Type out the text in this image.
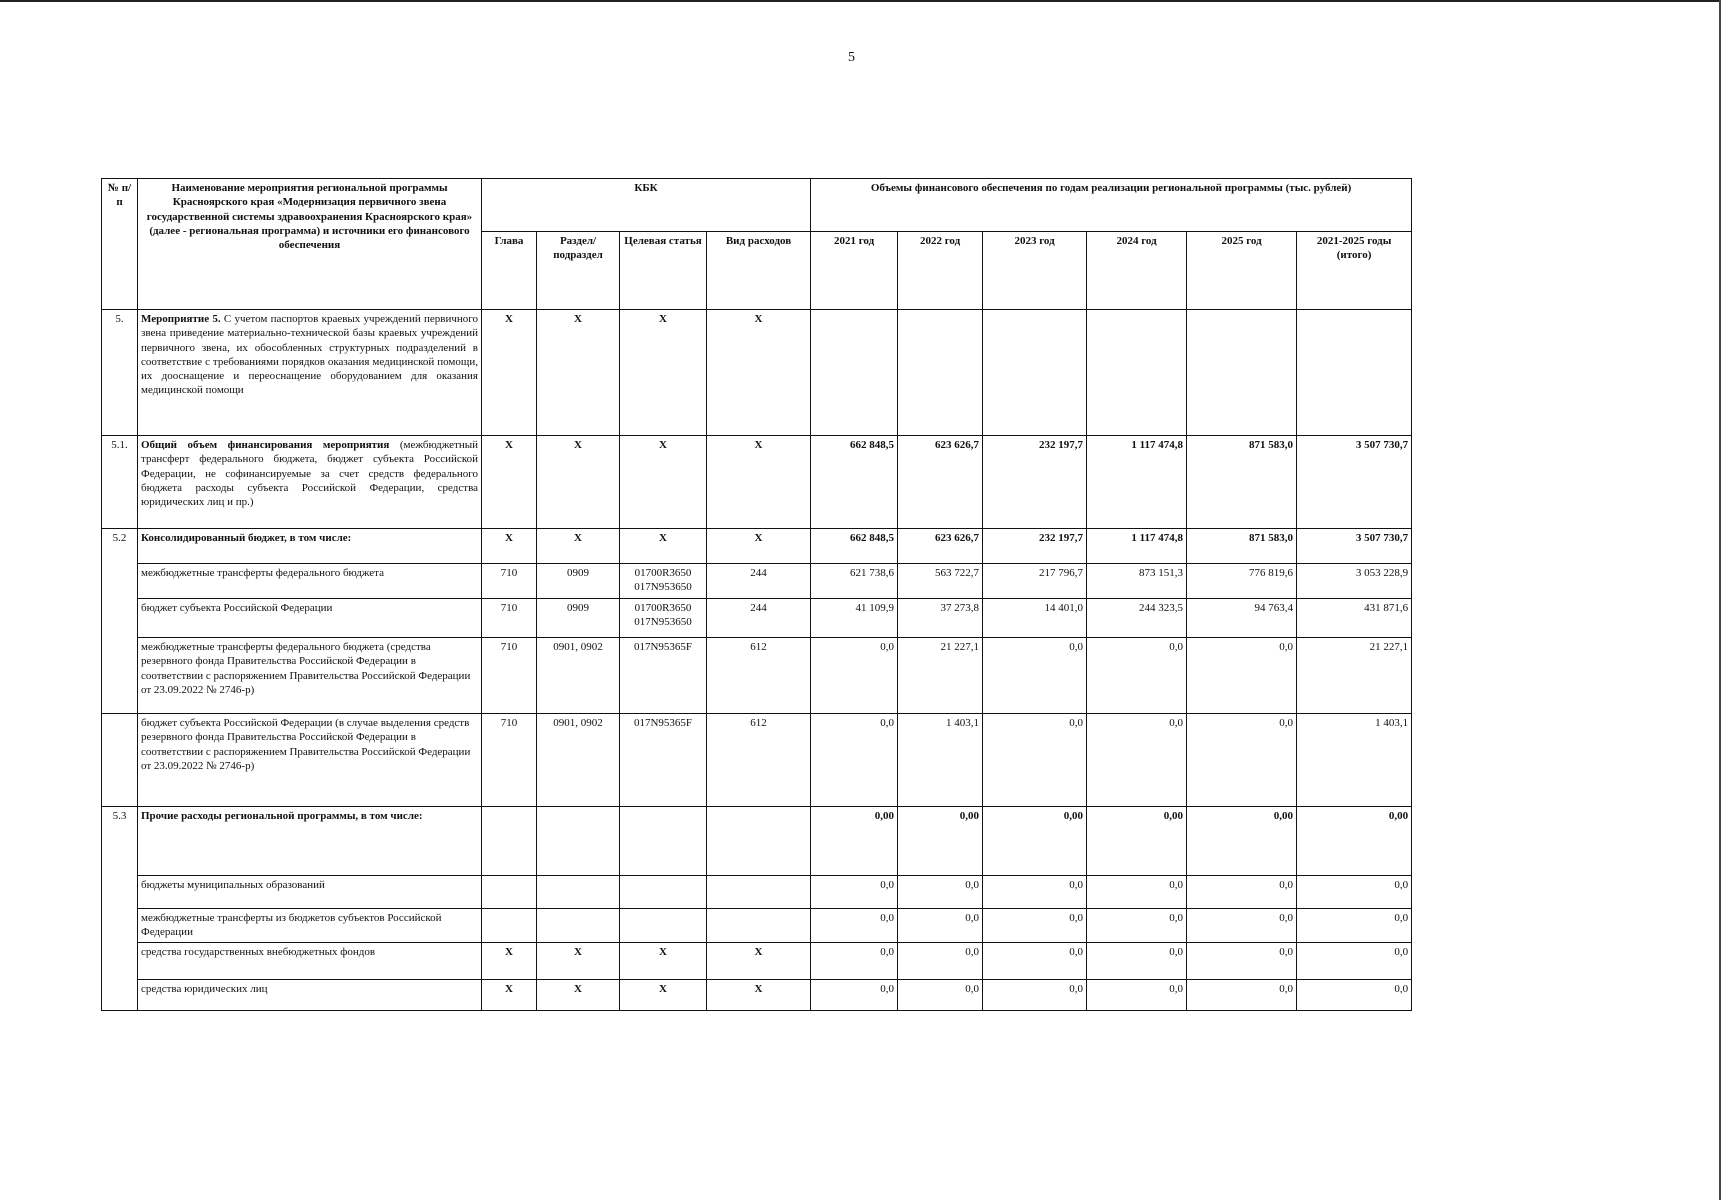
5
№ п/п	Наименование мероприятия региональной программы Красноярского края «Модернизация первичного звена государственной системы здравоохранения Красноярского края» (далее - региональная программа) и источники его финансового обеспечения	КБК				Объемы финансового обеспечения по годам реализации региональной программы (тыс. рублей)					
		Глава	Раздел/ подраздел	Целевая статья	Вид расходов	2021 год	2022 год	2023 год	2024 год	2025 год	2021-2025 годы (итого)
5.	Мероприятие 5. С учетом паспортов краевых учреждений первичного звена приведение материально-технической базы краевых учреждений первичного звена, их обособленных структурных подразделений в соответствие с требованиями порядков оказания медицинской помощи, их дооснащение и переоснащение оборудованием для оказания медицинской помощи	Х	Х	Х	Х						
5.1.	Общий объем финансирования мероприятия (межбюджетный трансферт федерального бюджета, бюджет субъекта Российской Федерации, не софинансируемые за счет средств федерального бюджета расходы субъекта Российской Федерации, средства юридических лиц и пр.)	Х	Х	Х	Х	662 848,5	623 626,7	232 197,7	1 117 474,8	871 583,0	3 507 730,7
5.2	Консолидированный бюджет, в том числе:	Х	Х	Х	Х	662 848,5	623 626,7	232 197,7	1 117 474,8	871 583,0	3 507 730,7
	межбюджетные трансферты федерального бюджета	710	0909	01700R3650
017N953650	244	621 738,6	563 722,7	217 796,7	873 151,3	776 819,6	3 053 228,9
	бюджет субъекта Российской Федерации	710	0909	01700R3650
017N953650	244	41 109,9	37 273,8	14 401,0	244 323,5	94 763,4	431 871,6
	межбюджетные трансферты федерального бюджета (средства резервного фонда Правительства Российской Федерации в соответствии с распоряжением Правительства Российской Федерации от 23.09.2022 № 2746-р)	710	0901, 0902	017N95365F	612	0,0	21 227,1	0,0	0,0	0,0	21 227,1
	бюджет субъекта Российской Федерации (в случае выделения средств резервного фонда Правительства Российской Федерации в соответствии с распоряжением Правительства Российской Федерации от 23.09.2022 № 2746-р)	710	0901, 0902	017N95365F	612	0,0	1 403,1	0,0	0,0	0,0	1 403,1
5.3	Прочие расходы региональной программы, в том числе:					0,00	0,00	0,00	0,00	0,00	0,00
	бюджеты муниципальных образований					0,0	0,0	0,0	0,0	0,0	0,0
	межбюджетные трансферты из бюджетов субъектов Российской Федерации					0,0	0,0	0,0	0,0	0,0	0,0
	средства государственных внебюджетных фондов	Х	Х	Х	Х	0,0	0,0	0,0	0,0	0,0	0,0
	средства юридических лиц	Х	Х	Х	Х	0,0	0,0	0,0	0,0	0,0	0,0
